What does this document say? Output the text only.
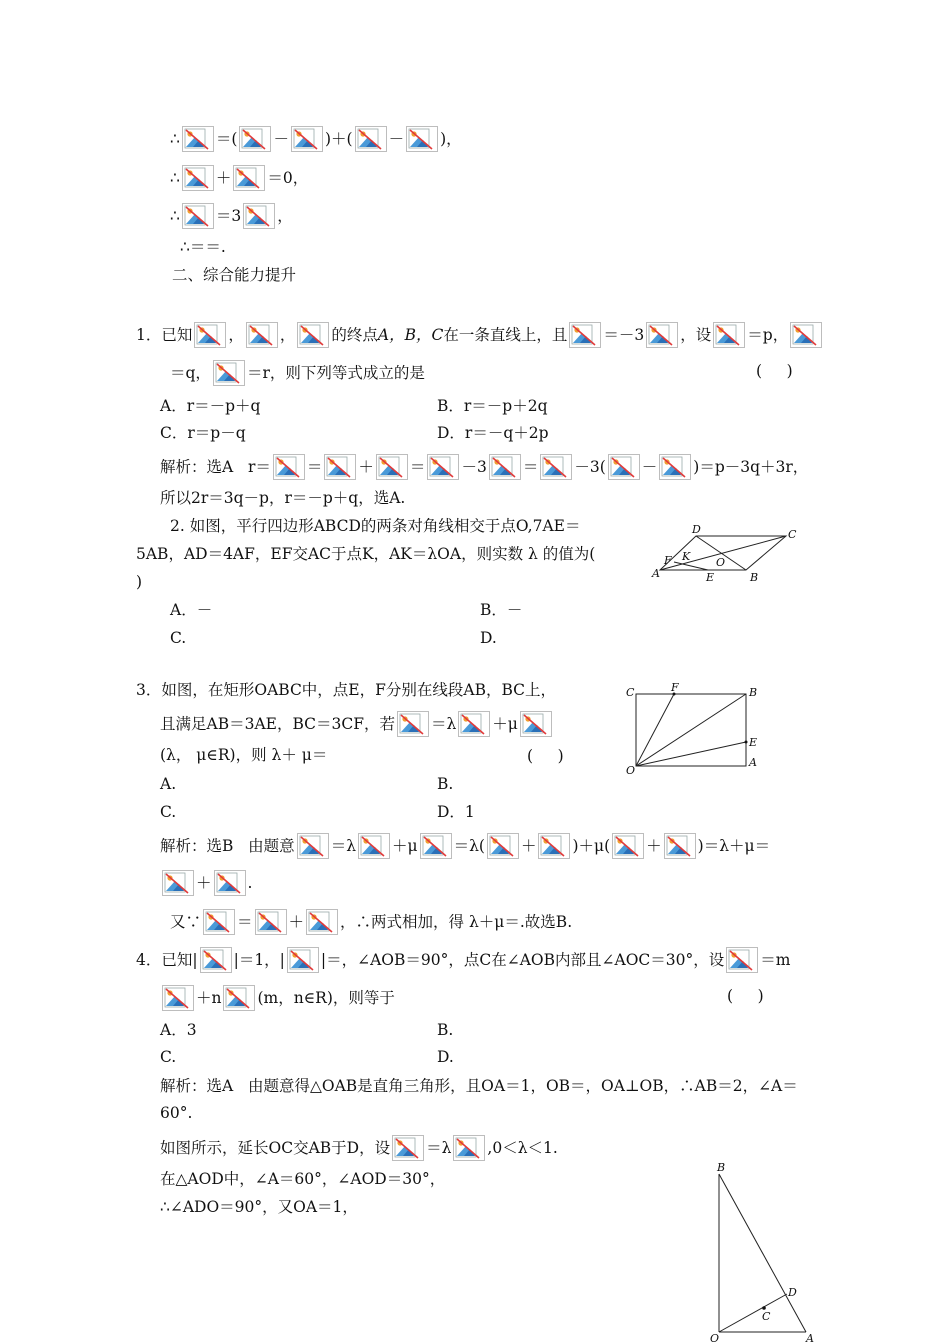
∴ ＝( － )＋( － )，
∴ ＋ ＝0，
∴ ＝3 ，
∴＝＝.
二、综合能力提升
1．已知 ， ， 的终点 A，B，C 在一条直线上，且 ＝－3 ，设 ＝p，
＝q， ＝r，则下列等式成立的是	(     )
A．r＝－p＋q	B．r＝－p＋2q
C．r＝p－q	D．r＝－q＋2p
解析：选A   r＝ ＝ ＋ ＝ －3 ＝ －3( － )＝p－3q＋3r，
所以2r＝3q－p，r＝－p＋q，选A.
2. 如图，平行四边形ABCD的两条对角线相交于点O,7AE＝
5AB，AD＝4AF，EF交AC于点K，AK＝λOA，则实数 λ 的值为(
)
A．－	B．－
C.	D.
D	C
F K O
A	E	B
3．如图，在矩形OABC中，点E，F分别在线段AB，BC上，
且满足AB＝3AE，BC＝3CF，若 ＝λ ＋μ
(λ， μ∈R)，则 λ＋ μ＝	(     )
A.	B.
C.	D．1
C	F	B
E
O
A
解析：选B   由题意 ＝λ ＋μ ＝λ( ＋ )＋μ( ＋ )＝λ＋μ＝
＋ .
又∵ ＝ ＋ ，∴两式相加，得 λ＋μ＝.故选B.
4．已知| |＝1，| |＝，∠AOB＝90°，点C在∠AOB内部且∠AOC＝30°，设 ＝m
＋n (m，n∈R)，则等于	(     )
A．3	B.
C.	D.
解析：选A   由题意得△OAB是直角三角形，且OA＝1，OB＝，OA⊥OB，∴AB＝2，∠A＝
60°.
如图所示，延长OC交AB于D，设 ＝λ ,0＜λ＜1.
在△AOD中，∠A＝60°，∠AOD＝30°，
∴∠ADO＝90°，又OA＝1，
B
D
C
O	A
